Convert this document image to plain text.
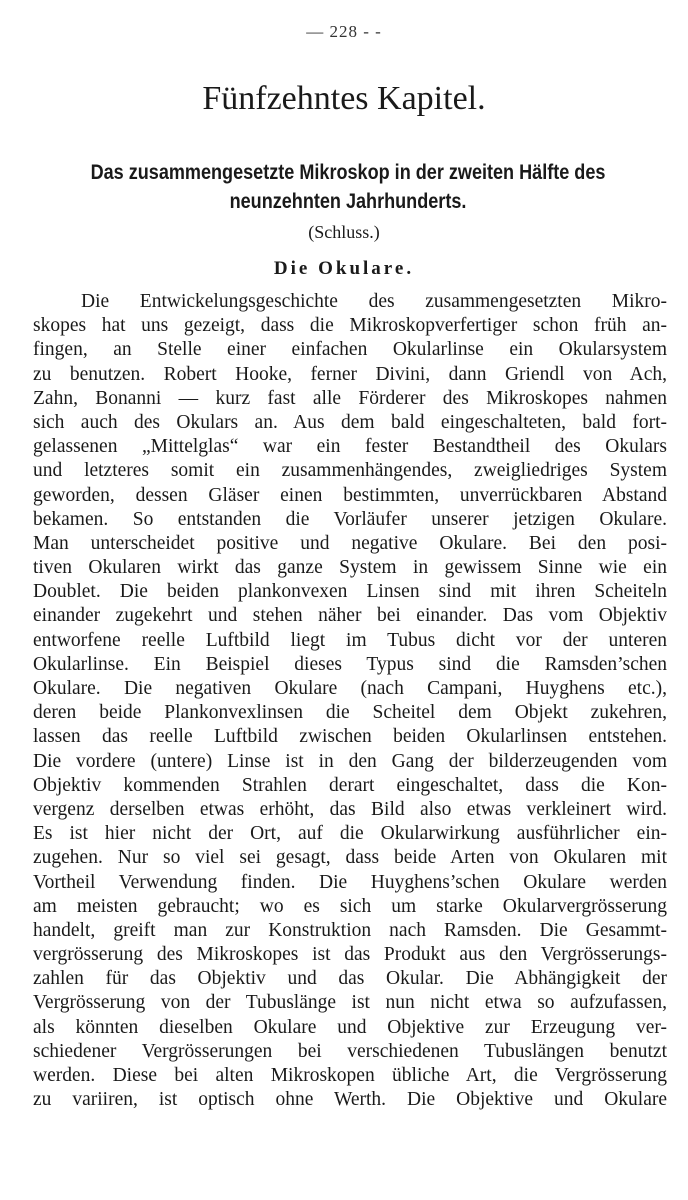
— 228 - -
Fünfzehntes Kapitel.
Das zusammengesetzte Mikroskop in der zweiten Hälfte des
neunzehnten Jahrhunderts.
(Schluss.)
Die Okulare.
Die Entwickelungsgeschichte des zusammengesetzten Mikro-
skopes hat uns gezeigt, dass die Mikroskopverfertiger schon früh an-
fingen, an Stelle einer einfachen Okularlinse ein Okularsystem
zu benutzen. Robert Hooke, ferner Divini, dann Griendl von Ach,
Zahn, Bonanni — kurz fast alle Förderer des Mikroskopes nahmen
sich auch des Okulars an. Aus dem bald eingeschalteten, bald fort-
gelassenen „Mittelglas“ war ein fester Bestandtheil des Okulars
und letzteres somit ein zusammenhängendes, zweigliedriges System
geworden, dessen Gläser einen bestimmten, unverrückbaren Abstand
bekamen. So entstanden die Vorläufer unserer jetzigen Okulare.
Man unterscheidet positive und negative Okulare. Bei den posi-
tiven Okularen wirkt das ganze System in gewissem Sinne wie ein
Doublet. Die beiden plankonvexen Linsen sind mit ihren Scheiteln
einander zugekehrt und stehen näher bei einander. Das vom Objektiv
entworfene reelle Luftbild liegt im Tubus dicht vor der unteren
Okularlinse. Ein Beispiel dieses Typus sind die Ramsden’schen
Okulare. Die negativen Okulare (nach Campani, Huyghens etc.),
deren beide Plankonvexlinsen die Scheitel dem Objekt zukehren,
lassen das reelle Luftbild zwischen beiden Okularlinsen entstehen.
Die vordere (untere) Linse ist in den Gang der bilderzeugenden vom
Objektiv kommenden Strahlen derart eingeschaltet, dass die Kon-
vergenz derselben etwas erhöht, das Bild also etwas verkleinert wird.
Es ist hier nicht der Ort, auf die Okularwirkung ausführlicher ein-
zugehen. Nur so viel sei gesagt, dass beide Arten von Okularen mit
Vortheil Verwendung finden. Die Huyghens’schen Okulare werden
am meisten gebraucht; wo es sich um starke Okularvergrösserung
handelt, greift man zur Konstruktion nach Ramsden. Die Gesammt-
vergrösserung des Mikroskopes ist das Produkt aus den Vergrösserungs-
zahlen für das Objektiv und das Okular. Die Abhängigkeit der
Vergrösserung von der Tubuslänge ist nun nicht etwa so aufzufassen,
als könnten dieselben Okulare und Objektive zur Erzeugung ver-
schiedener Vergrösserungen bei verschiedenen Tubuslängen benutzt
werden. Diese bei alten Mikroskopen übliche Art, die Vergrösserung
zu variiren, ist optisch ohne Werth. Die Objektive und Okulare
